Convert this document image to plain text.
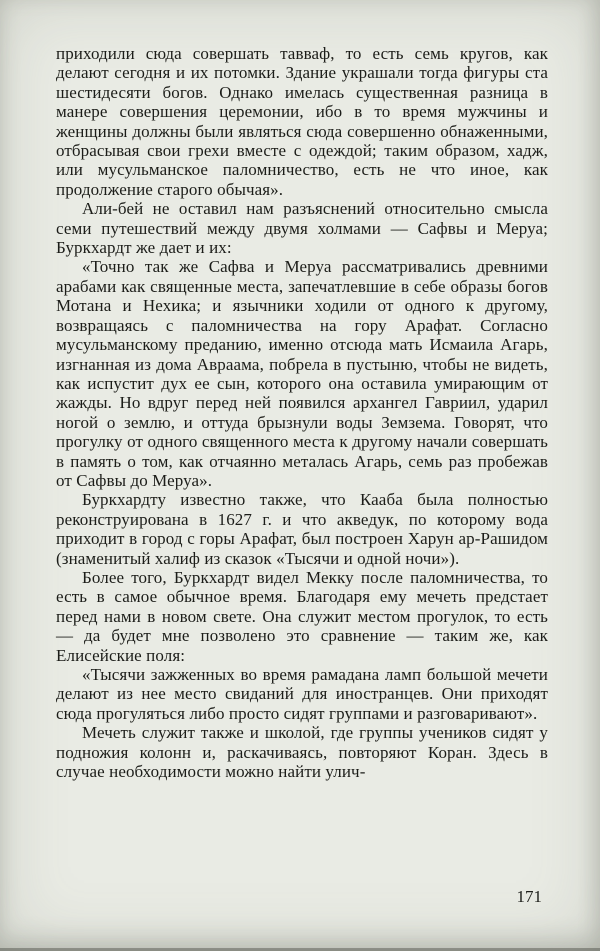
приходили сюда совершать тавваф, то есть семь кругов, как делают сегодня и их потомки. Здание украшали тогда фигуры ста шестидесяти богов. Однако имелась существенная разница в манере совершения церемонии, ибо в то время мужчины и женщины должны были являться сюда совершенно обнаженными, отбрасывая свои грехи вместе с одеждой; таким образом, хадж, или мусульманское паломничество, есть не что иное, как продолжение старого обычая».

Али-бей не оставил нам разъяснений относительно смысла семи путешествий между двумя холмами — Сафвы и Меруа; Буркхардт же дает и их:

«Точно так же Сафва и Меруа рассматривались древними арабами как священные места, запечатлевшие в себе образы богов Мотана и Нехика; и язычники ходили от одного к другому, возвращаясь с паломничества на гору Арафат. Согласно мусульманскому преданию, именно отсюда мать Исмаила Агарь, изгнанная из дома Авраама, побрела в пустыню, чтобы не видеть, как испустит дух ее сын, которого она оставила умирающим от жажды. Но вдруг перед ней появился архангел Гавриил, ударил ногой о землю, и оттуда брызнули воды Земзема. Говорят, что прогулку от одного священного места к другому начали совершать в память о том, как отчаянно металась Агарь, семь раз пробежав от Сафвы до Меруа».

Буркхардту известно также, что Кааба была полностью реконструирована в 1627 г. и что акведук, по которому вода приходит в город с горы Арафат, был построен Харун ар-Рашидом (знаменитый халиф из сказок «Тысячи и одной ночи»).

Более того, Буркхардт видел Мекку после паломничества, то есть в самое обычное время. Благодаря ему мечеть предстает перед нами в новом свете. Она служит местом прогулок, то есть — да будет мне позволено это сравнение — таким же, как Елисейские поля:

«Тысячи зажженных во время рамадана ламп большой мечети делают из нее место свиданий для иностранцев. Они приходят сюда прогуляться либо просто сидят группами и разговаривают».

Мечеть служит также и школой, где группы учеников сидят у подножия колонн и, раскачиваясь, повторяют Коран. Здесь в случае необходимости можно найти улич-

171
